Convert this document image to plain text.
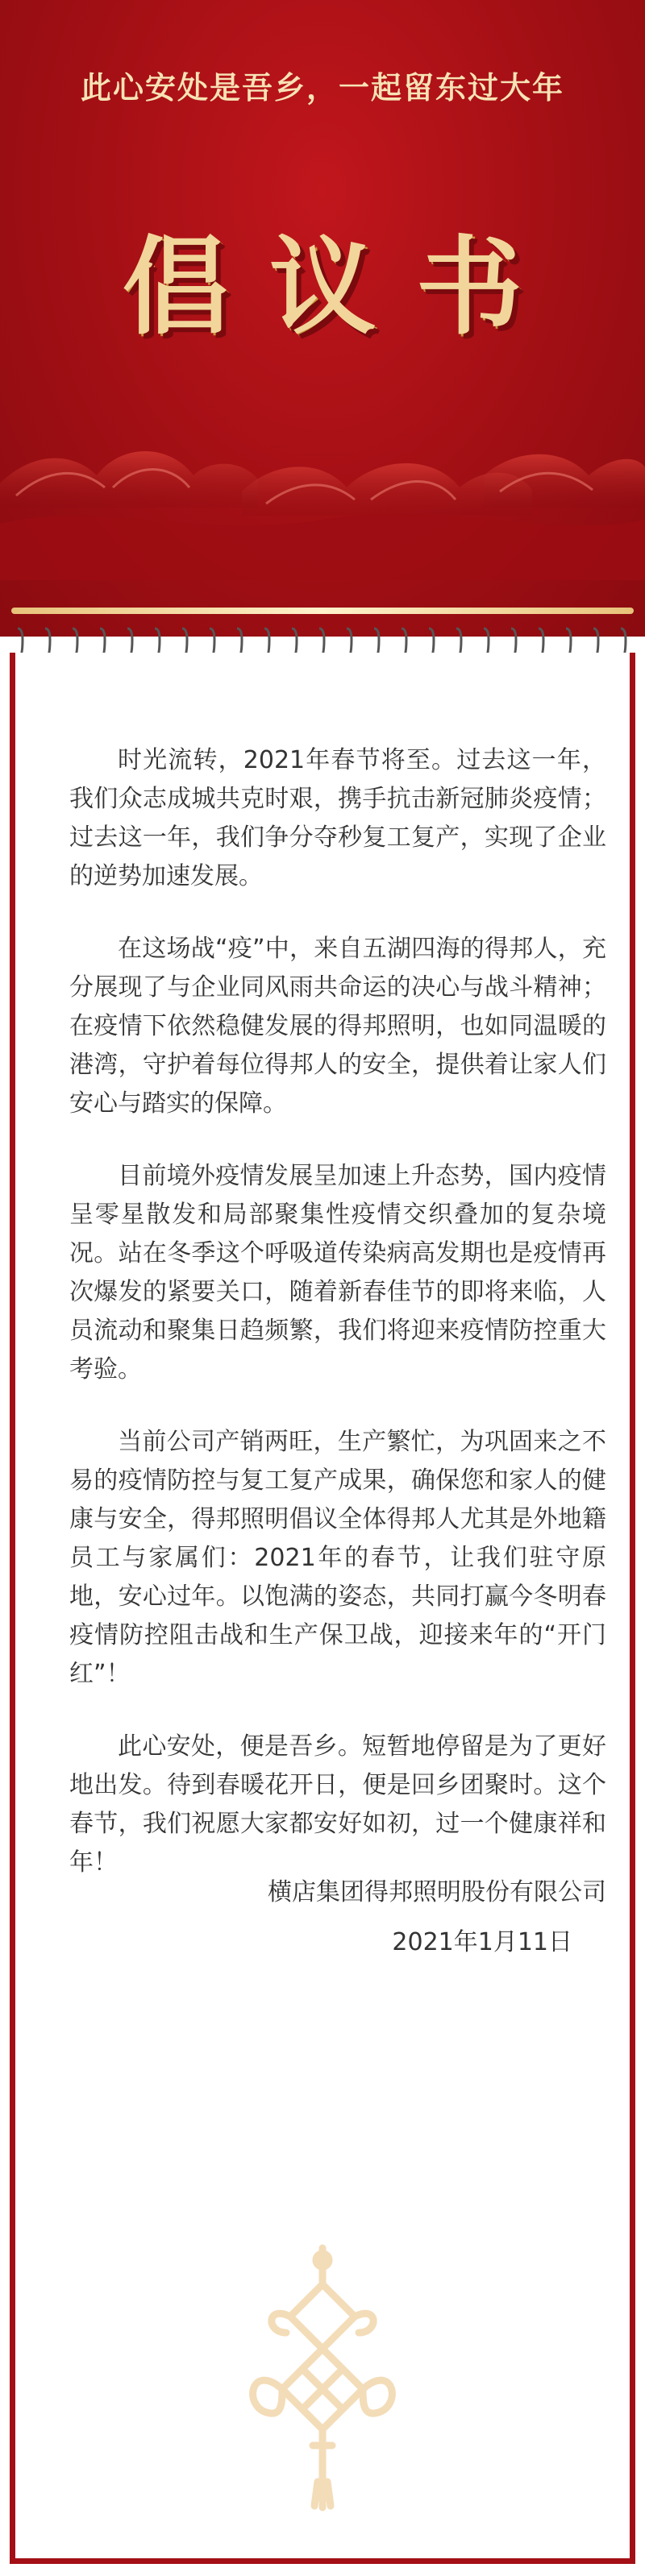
此心安处是吾乡，一起留东过大年
倡议书

时光流转，2021年春节将至。过去这一年，我们众志成城共克时艰，携手抗击新冠肺炎疫情；过去这一年，我们争分夺秒复工复产，实现了企业的逆势加速发展。

在这场战“疫”中，来自五湖四海的得邦人，充分展现了与企业同风雨共命运的决心与战斗精神；在疫情下依然稳健发展的得邦照明，也如同温暖的港湾，守护着每位得邦人的安全，提供着让家人们安心与踏实的保障。

目前境外疫情发展呈加速上升态势，国内疫情呈零星散发和局部聚集性疫情交织叠加的复杂境况。站在冬季这个呼吸道传染病高发期也是疫情再次爆发的紧要关口，随着新春佳节的即将来临，人员流动和聚集日趋频繁，我们将迎来疫情防控重大考验。

当前公司产销两旺，生产繁忙，为巩固来之不易的疫情防控与复工复产成果，确保您和家人的健康与安全，得邦照明倡议全体得邦人尤其是外地籍员工与家属们：2021年的春节，让我们驻守原地，安心过年。以饱满的姿态，共同打赢今冬明春疫情防控阻击战和生产保卫战，迎接来年的“开门红”！

此心安处，便是吾乡。短暂地停留是为了更好地出发。待到春暖花开日，便是回乡团聚时。这个春节，我们祝愿大家都安好如初，过一个健康祥和年！

横店集团得邦照明股份有限公司
2021年1月11日
